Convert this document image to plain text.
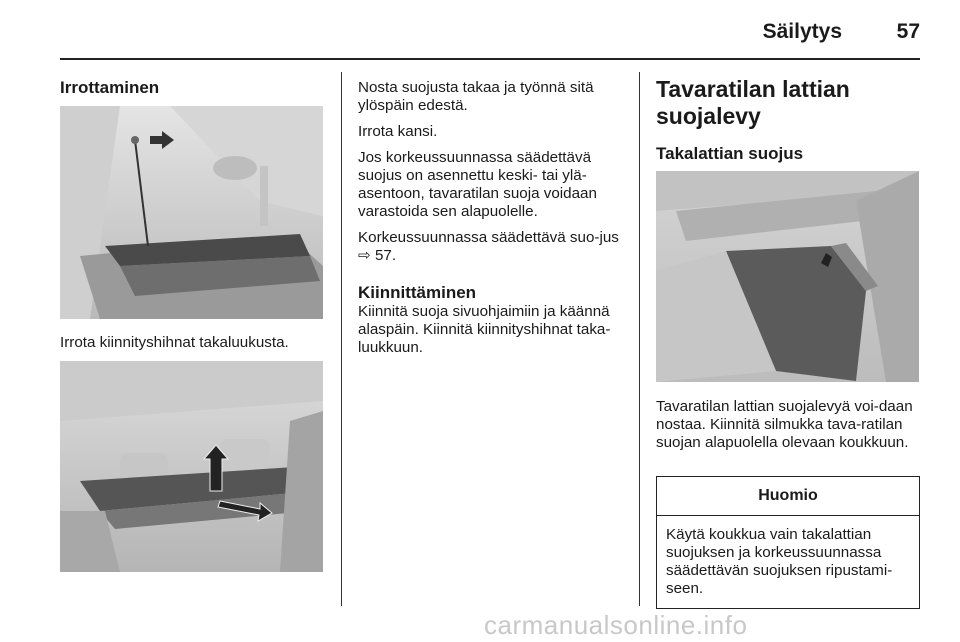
Säilytys	57
Irrottaminen

Irrota kiinnityshihnat takaluukusta.

Nosta suojusta takaa ja työnnä sitä ylöspäin edestä.

Irrota kansi.

Jos korkeussuunnassa säädettävä suojus on asennettu keski- tai ylä-asentoon, tavaratilan suoja voidaan varastoida sen alapuolelle.

Korkeussuunnassa säädettävä suo-jus ⇨ 57.

Kiinnittäminen

Kiinnitä suoja sivuohjaimiin ja käännä alaspäin. Kiinnitä kiinnityshihnat taka-luukkuun.

Tavaratilan lattian suojalevy
Takalattian suojus

Tavaratilan lattian suojalevyä voi-daan nostaa. Kiinnitä silmukka tava-ratilan suojan alapuolella olevaan koukkuun.

Huomio
Käytä koukkua vain takalattian suojuksen ja korkeussuunnassa säädettävän suojuksen ripustami-seen.
carmanualsonline.info
